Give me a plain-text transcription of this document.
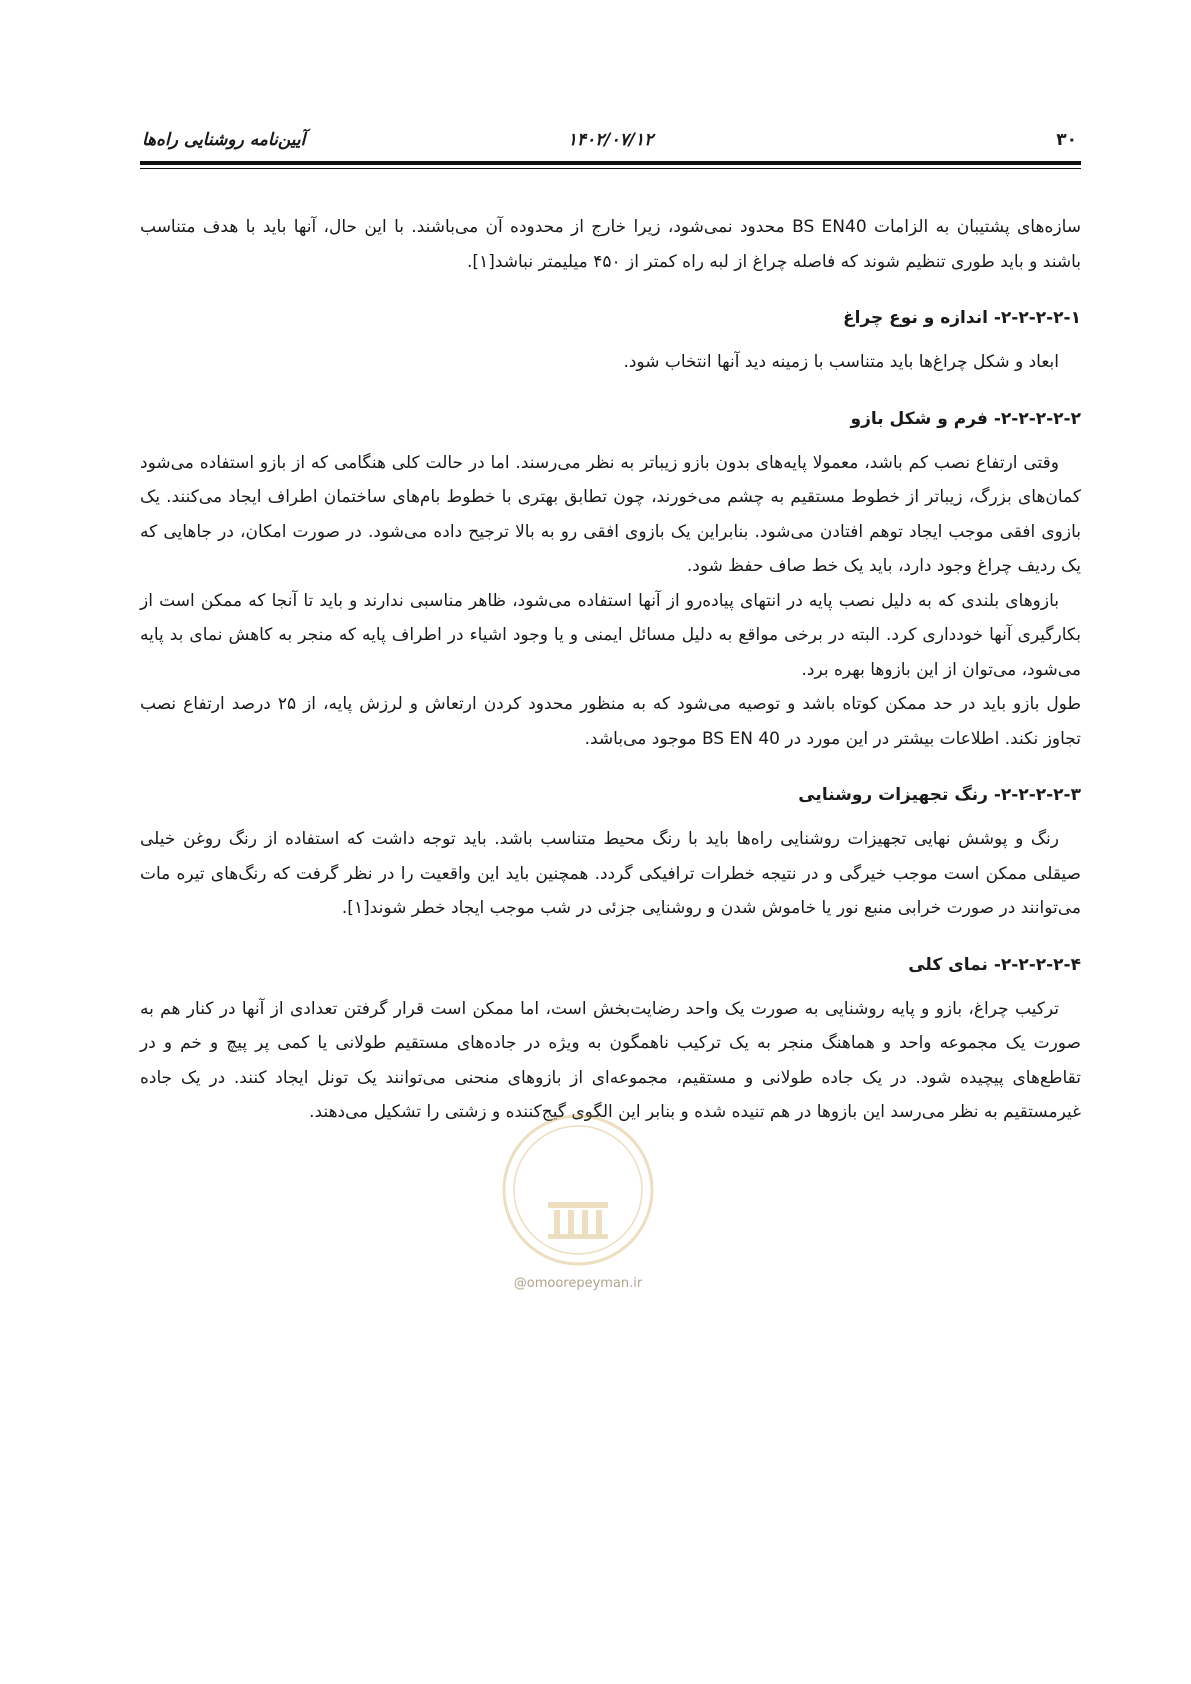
۳۰
۱۴۰۲/۰۷/۱۲
آیین‌نامه روشنایی راه‌ها

سازه‌های پشتیبان به الزامات BS EN40 محدود نمی‌شود، زیرا خارج از محدوده آن می‌باشند. با این حال، آنها باید با هدف متناسب باشند و باید طوری تنظیم شوند که فاصله چراغ از لبه راه کمتر از ۴۵۰ میلیمتر نباشد[۱].

۲-۲-۲-۲-۱- اندازه و نوع چراغ

ابعاد و شکل چراغ‌ها باید متناسب با زمینه دید آنها انتخاب شود.

۲-۲-۲-۲-۲- فرم و شکل بازو

وقتی ارتفاع نصب کم باشد، معمولا پایه‌های بدون بازو زیباتر به نظر می‌رسند. اما در حالت کلی هنگامی که از بازو استفاده می‌شود کمان‌های بزرگ، زیباتر از خطوط مستقیم به چشم می‌خورند، چون تطابق بهتری با خطوط بام‌های ساختمان اطراف ایجاد می‌کنند. یک بازوی افقی موجب ایجاد توهم افتادن می‌شود. بنابراین یک بازوی افقی رو به بالا ترجیح داده می‌شود. در صورت امکان، در جاهایی که یک ردیف چراغ وجود دارد، باید یک خط صاف حفظ شود.

بازوهای بلندی که به دلیل نصب پایه در انتهای پیاده‌رو از آنها استفاده می‌شود، ظاهر مناسبی ندارند و باید تا آنجا که ممکن است از بکارگیری آنها خودداری کرد. البته در برخی مواقع به دلیل مسائل ایمنی و یا وجود اشیاء در اطراف پایه که منجر به کاهش نمای بد پایه می‌شود، می‌توان از این بازوها بهره برد.

طول بازو باید در حد ممکن کوتاه باشد و توصیه می‌شود که به منظور محدود کردن ارتعاش و لرزش پایه، از ۲۵ درصد ارتفاع نصب تجاوز نکند. اطلاعات بیشتر در این مورد در BS EN 40 موجود می‌باشد.

۲-۲-۲-۲-۳- رنگ تجهیزات روشنایی

رنگ و پوشش نهایی تجهیزات روشنایی راه‌ها باید با رنگ محیط متناسب باشد. باید توجه داشت که استفاده از رنگ روغن خیلی صیقلی ممکن است موجب خیرگی و در نتیجه خطرات ترافیکی گردد. همچنین باید این واقعیت را در نظر گرفت که رنگ‌های تیره مات می‌توانند در صورت خرابی منبع نور یا خاموش شدن و روشنایی جزئی در شب موجب ایجاد خطر شوند[۱].

۲-۲-۲-۲-۴- نمای کلی

ترکیب چراغ، بازو و پایه روشنایی به صورت یک واحد رضایت‌بخش است، اما ممکن است قرار گرفتن تعدادی از آنها در کنار هم به صورت یک مجموعه واحد و هماهنگ منجر به یک ترکیب ناهمگون به ویژه در جاده‌های مستقیم طولانی یا کمی پر پیچ و خم و در تقاطع‌های پیچیده شود. در یک جاده طولانی و مستقیم، مجموعه‌ای از بازوهای منحنی می‌توانند یک تونل ایجاد کنند. در یک جاده غیرمستقیم به نظر می‌رسد این بازوها در هم تنیده شده و بنابر این الگوی گیج‌کننده و زشتی را تشکیل می‌دهند.

@omoorepeyman.ir
